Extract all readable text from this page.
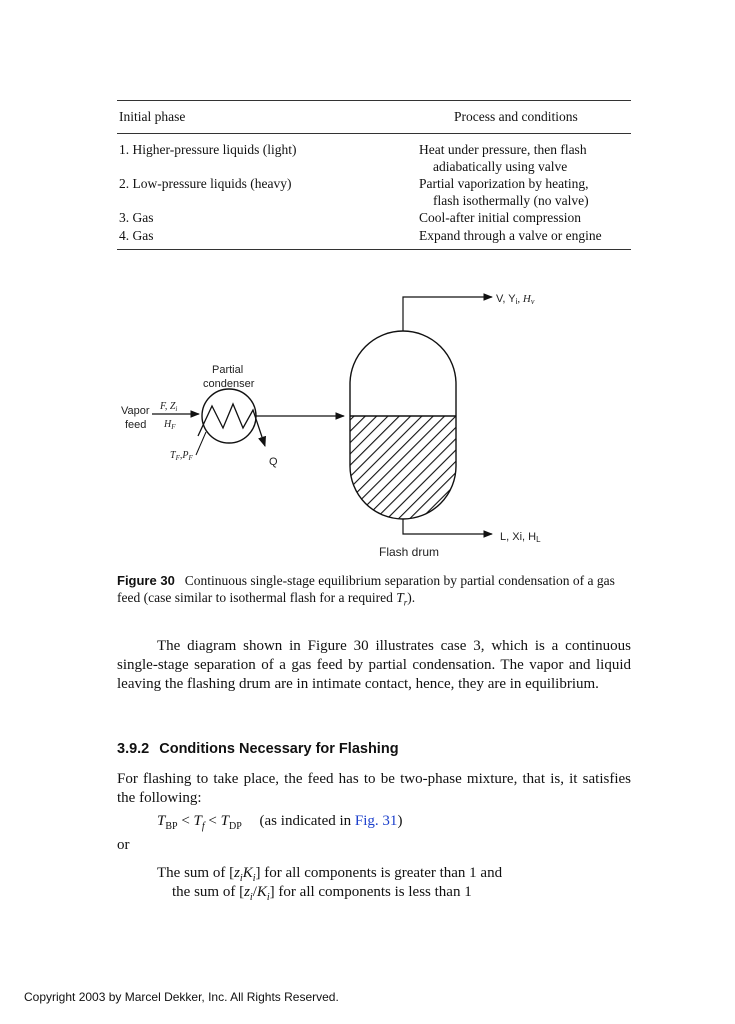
Initial phase	Process and conditions
1. Higher-pressure liquids (light)	Heat under pressure, then flash
adiabatically using valve
2. Low-pressure liquids (heavy)	Partial vaporization by heating,
flash isothermally (no valve)
3. Gas	Cool-after initial compression
4. Gas	Expand through a valve or engine
V, Yi, Hv
L, Xi, HL
Partial
condenser
Vapor
feed
F, $Z_i$
$H_F$
$T_F,P_F$	Q
Flash drum
Figure 30 Continuous single-stage equilibrium separation by partial condensation of a gas feed (case similar to isothermal flash for a required $T_r$).
The diagram shown in Figure 30 illustrates case 3, which is a continuous single-stage separation of a gas feed by partial condensation. The vapor and liquid leaving the flashing drum are in intimate contact, hence, they are in equilibrium.
3.9.2 Conditions Necessary for Flashing
For flashing to take place, the feed has to be two-phase mixture, that is, it satisfies the following:
$T_{BP} < T_f < T_{DP}$ (as indicated in Fig. 31)
or
The sum of $[z_iK_i]$ for all components is greater than 1 and
the sum of $[z_i/K_i]$ for all components is less than 1
Copyright 2003 by Marcel Dekker, Inc. All Rights Reserved.
